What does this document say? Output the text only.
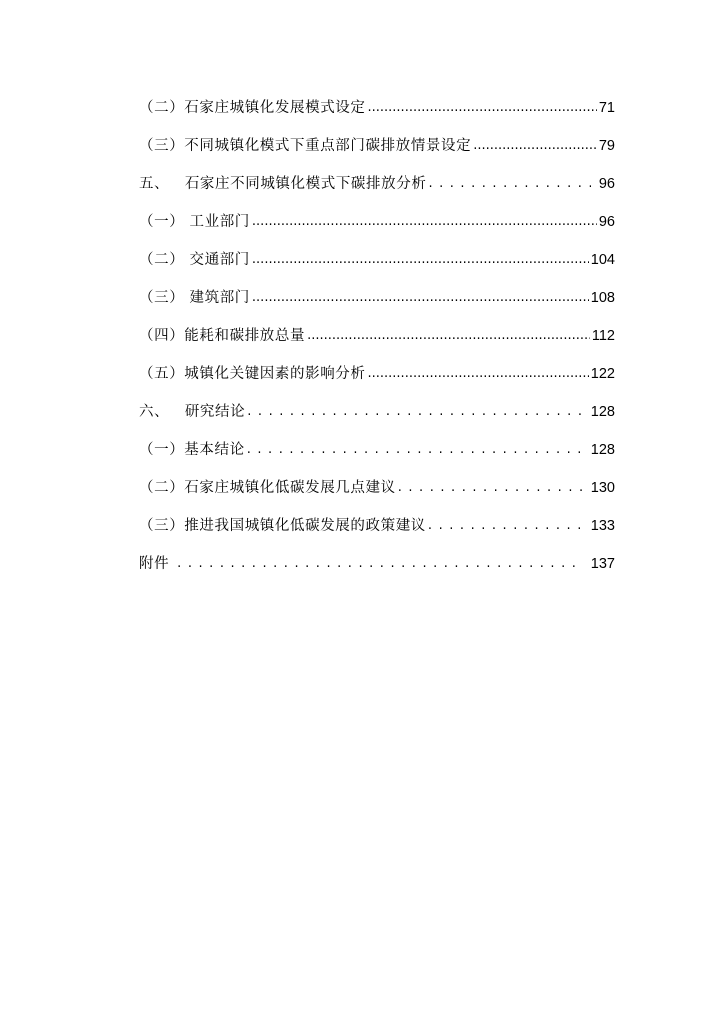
（二）石家庄城镇化发展模式设定 .....	71
（三）不同城镇化模式下重点部门碳排放情景设定 .....	79
五、   石家庄不同城镇化模式下碳排放分析 . . .	96
（一） 工业部门 .....	96
（二） 交通部门 .....	104
（三） 建筑部门 .....	108
（四）能耗和碳排放总量 .....	112
（五）城镇化关键因素的影响分析 .....	122
六、   研究结论 . . .	128
（一）基本结论 . . .	128
（二）石家庄城镇化低碳发展几点建议 . . .	130
（三）推进我国城镇化低碳发展的政策建议 . . .	133
附件 . . .	137
